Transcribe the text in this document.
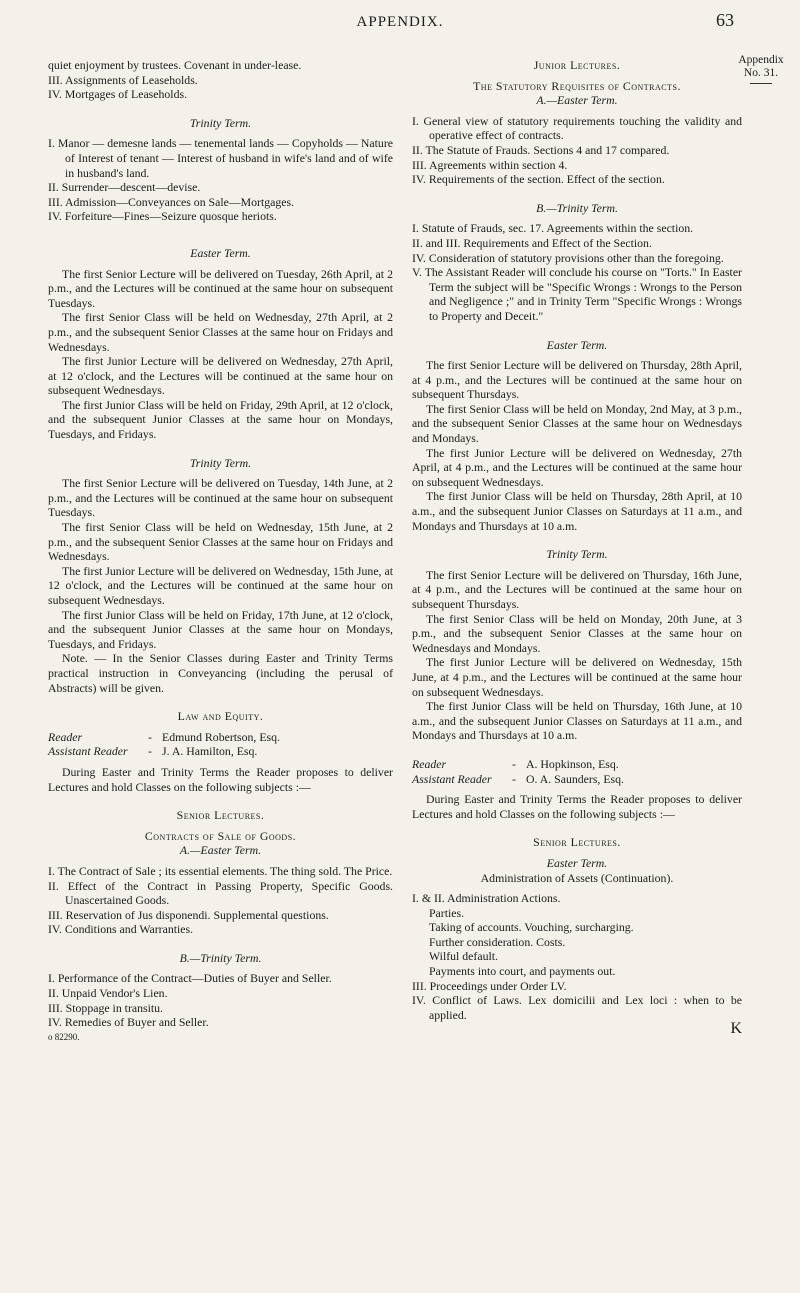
APPENDIX.	63
Appendix No. 31.

quiet enjoyment by trustees. Covenant in under-lease.

III. Assignments of Leaseholds.

IV. Mortgages of Leaseholds.

Trinity Term.

I. Manor — demesne lands — tenemental lands — Copyholds — Nature of Interest of tenant — Interest of husband in wife's land and of wife in husband's land.

II. Surrender—descent—devise.

III. Admission—Conveyances on Sale—Mortgages.

IV. Forfeiture—Fines—Seizure quosque heriots.

Easter Term.

The first Senior Lecture will be delivered on Tuesday, 26th April, at 2 p.m., and the Lectures will be continued at the same hour on subsequent Tuesdays.

The first Senior Class will be held on Wednesday, 27th April, at 2 p.m., and the subsequent Senior Classes at the same hour on Fridays and Wednesdays.

The first Junior Lecture will be delivered on Wednesday, 27th April, at 12 o'clock, and the Lectures will be continued at the same hour on subsequent Wednesdays.

The first Junior Class will be held on Friday, 29th April, at 12 o'clock, and the subsequent Junior Classes at the same hour on Mondays, Tuesdays, and Fridays.

Trinity Term.

The first Senior Lecture will be delivered on Tuesday, 14th June, at 2 p.m., and the Lectures will be continued at the same hour on subsequent Tuesdays.

The first Senior Class will be held on Wednesday, 15th June, at 2 p.m., and the subsequent Senior Classes at the same hour on Fridays and Wednesdays.

The first Junior Lecture will be delivered on Wednesday, 15th June, at 12 o'clock, and the Lectures will be continued at the same hour on subsequent Wednesdays.

The first Junior Class will be held on Friday, 17th June, at 12 o'clock, and the subsequent Junior Classes at the same hour on Mondays, Tuesdays, and Fridays.

Note. — In the Senior Classes during Easter and Trinity Terms practical instruction in Conveyancing (including the perusal of Abstracts) will be given.

Law and Equity.

Reader	- Edmund Robertson, Esq.
Assistant Reader	- J. A. Hamilton, Esq.

During Easter and Trinity Terms the Reader proposes to deliver Lectures and hold Classes on the following subjects :—

Senior Lectures.

Contracts of Sale of Goods.

A.—Easter Term.

I. The Contract of Sale ; its essential elements. The thing sold. The Price.

II. Effect of the Contract in Passing Property, Specific Goods. Unascertained Goods.

III. Reservation of Jus disponendi. Supplemental questions.

IV. Conditions and Warranties.

B.—Trinity Term.

I. Performance of the Contract—Duties of Buyer and Seller.

II. Unpaid Vendor's Lien.

III. Stoppage in transitu.

IV. Remedies of Buyer and Seller.

o 82290.

Junior Lectures.

The Statutory Requisites of Contracts.

A.—Easter Term.

I. General view of statutory requirements touching the validity and operative effect of contracts.

II. The Statute of Frauds. Sections 4 and 17 compared.

III. Agreements within section 4.

IV. Requirements of the section. Effect of the section.

B.—Trinity Term.

I. Statute of Frauds, sec. 17. Agreements within the section.

II. and III. Requirements and Effect of the Section.

IV. Consideration of statutory provisions other than the foregoing.

V. The Assistant Reader will conclude his course on "Torts." In Easter Term the subject will be "Specific Wrongs : Wrongs to the Person and Negligence ;" and in Trinity Term "Specific Wrongs : Wrongs to Property and Deceit."

Easter Term.

The first Senior Lecture will be delivered on Thursday, 28th April, at 4 p.m., and the Lectures will be continued at the same hour on subsequent Thursdays.

The first Senior Class will be held on Monday, 2nd May, at 3 p.m., and the subsequent Senior Classes at the same hour on Wednesdays and Mondays.

The first Junior Lecture will be delivered on Wednesday, 27th April, at 4 p.m., and the Lectures will be continued at the same hour on subsequent Wednesdays.

The first Junior Class will be held on Thursday, 28th April, at 10 a.m., and the subsequent Junior Classes on Saturdays at 11 a.m., and Mondays and Thursdays at 10 a.m.

Trinity Term.

The first Senior Lecture will be delivered on Thursday, 16th June, at 4 p.m., and the Lectures will be continued at the same hour on subsequent Thursdays.

The first Senior Class will be held on Monday, 20th June, at 3 p.m., and the subsequent Senior Classes at the same hour on Wednesdays and Mondays.

The first Junior Lecture will be delivered on Wednesday, 15th June, at 4 p.m., and the Lectures will be continued at the same hour on subsequent Wednesdays.

The first Junior Class will be held on Thursday, 16th June, at 10 a.m., and the subsequent Junior Classes on Saturdays at 11 a.m., and Mondays and Thursdays at 10 a.m.

Reader	- A. Hopkinson, Esq.
Assistant Reader	- O. A. Saunders, Esq.

During Easter and Trinity Terms the Reader proposes to deliver Lectures and hold Classes on the following subjects :—

Senior Lectures.

Easter Term.

Administration of Assets (Continuation).

I. & II. Administration Actions.

Parties.

Taking of accounts. Vouching, surcharging.

Further consideration. Costs.

Wilful default.

Payments into court, and payments out.

III. Proceedings under Order LV.

IV. Conflict of Laws. Lex domicilii and Lex loci : when to be applied.

K
